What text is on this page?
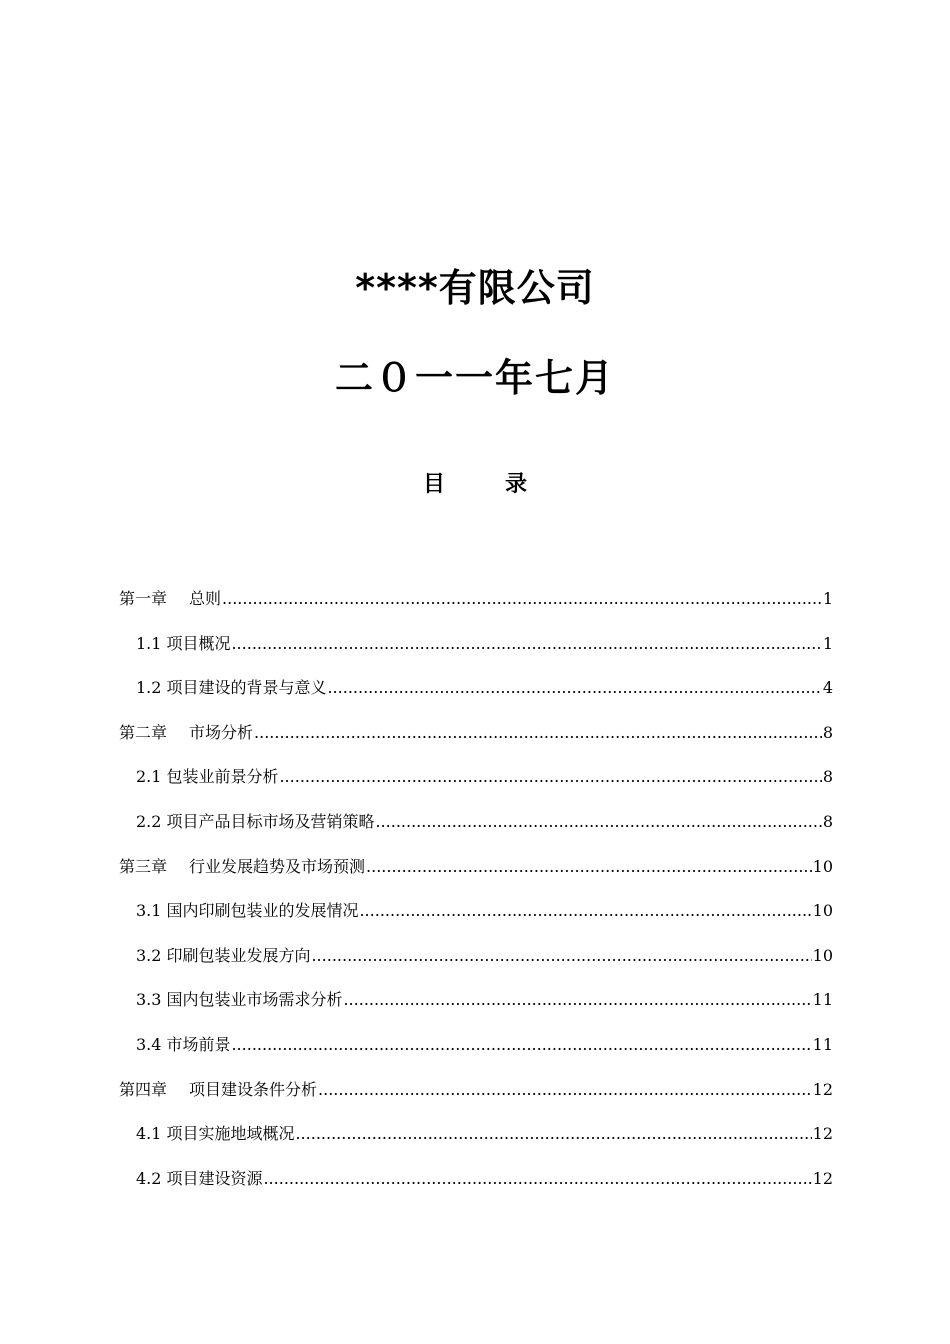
****有限公司
二０一一年七月
目	录
第一章 总则 .....	1
1.1 项目概况 .....	1
1.2 项目建设的背景与意义 .....	4
第二章 市场分析 .....	8
2.1 包装业前景分析 .....	8
2.2 项目产品目标市场及营销策略 .....	8
第三章 行业发展趋势及市场预测 .....	10
3.1 国内印刷包装业的发展情况 .....	10
3.2 印刷包装业发展方向 .....	10
3.3 国内包装业市场需求分析 .....	11
3.4 市场前景 .....	11
第四章 项目建设条件分析 .....	12
4.1 项目实施地域概况 .....	12
4.2 项目建设资源 .....	12
